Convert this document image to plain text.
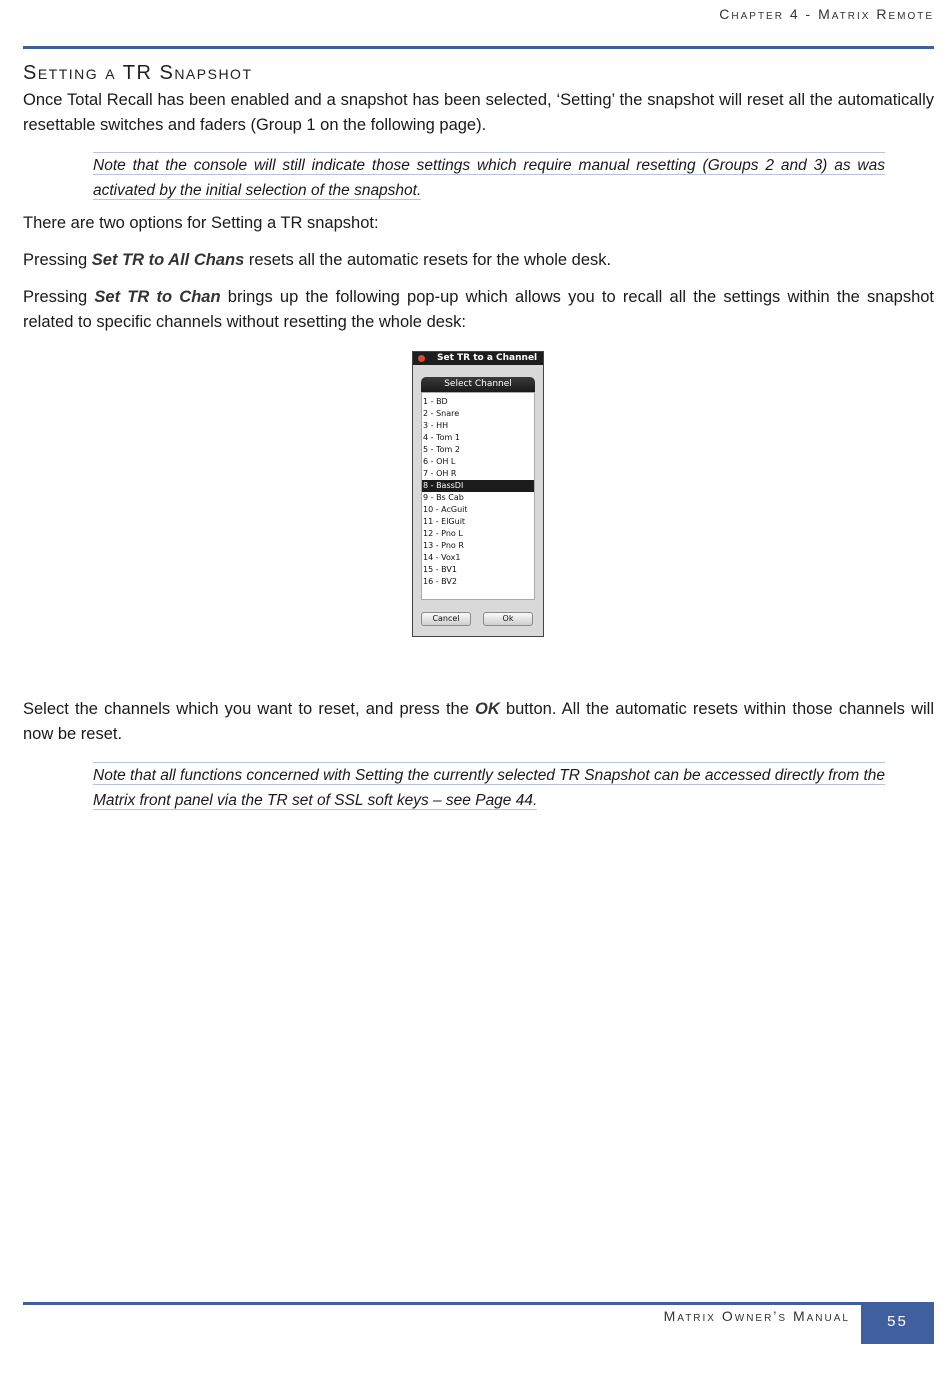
Chapter 4 - Matrix Remote
Setting a TR Snapshot

Once Total Recall has been enabled and a snapshot has been selected, ‘Setting’ the snapshot will reset all the automatically resettable switches and faders (Group 1 on the following page).

Note that the console will still indicate those settings which require manual resetting (Groups 2 and 3) as was activated by the initial selection of the snapshot.

There are two options for Setting a TR snapshot:

Pressing Set TR to All Chans resets all the automatic resets for the whole desk.

Pressing Set TR to Chan brings up the following pop-up which allows you to recall all the settings within the snapshot related to specific channels without resetting the whole desk:

Set TR to a Channel
Select Channel
1 - BD
2 - Snare
3 - HH
4 - Tom 1
5 - Tom 2
6 - OH L
7 - OH R
8 - BassDI
9 - Bs Cab
10 - AcGuit
11 - ElGuit
12 - Pno L
13 - Pno R
14 - Vox1
15 - BV1
16 - BV2
Cancel	Ok

Select the channels which you want to reset, and press the OK button. All the automatic resets within those channels will now be reset.

Note that all functions concerned with Setting the currently selected TR Snapshot can be accessed directly from the Matrix front panel via the TR set of SSL soft keys – see Page 44.

Matrix Owner’s Manual	55
